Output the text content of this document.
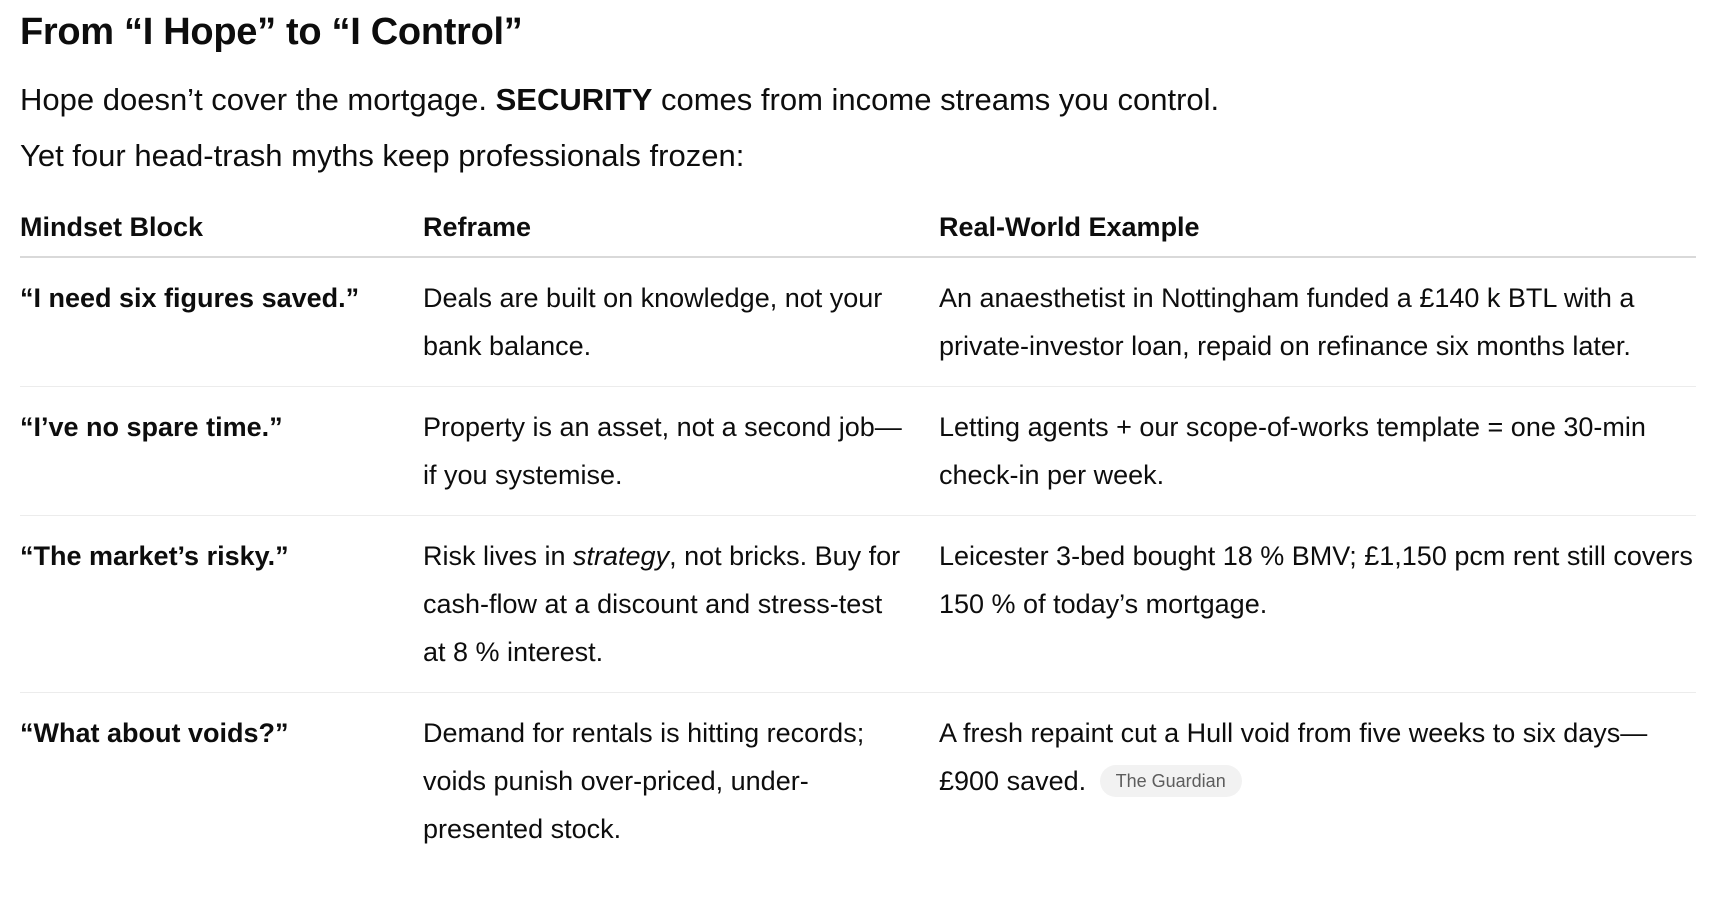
From “I Hope” to “I Control”

Hope doesn’t cover the mortgage. SECURITY comes from income streams you control.

Yet four head-trash myths keep professionals frozen:

Mindset Block	Reframe	Real-World Example
“I need six figures saved.”	Deals are built on knowledge, not your bank balance.	An anaesthetist in Nottingham funded a £140 k BTL with a private-investor loan, repaid on refinance six months later.
“I’ve no spare time.”	Property is an asset, not a second job—if you systemise.	Letting agents + our scope-of-works template = one 30-min check-in per week.
“The market’s risky.”	Risk lives in strategy, not bricks. Buy for cash-flow at a discount and stress-test at 8 % interest.	Leicester 3-bed bought 18 % BMV; £1,150 pcm rent still covers 150 % of today’s mortgage.
“What about voids?”	Demand for rentals is hitting records; voids punish over-priced, under-presented stock.	A fresh repaint cut a Hull void from five weeks to six days—£900 saved. The Guardian
